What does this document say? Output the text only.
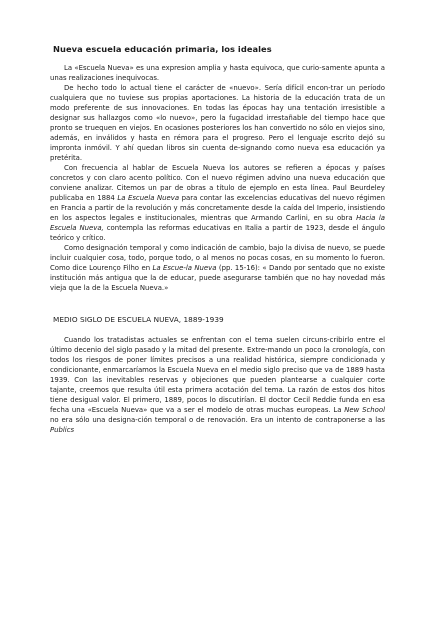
Nueva escuela educación primaria, los ideales

La «Escuela Nueva» es una expresion amplia y hasta equivoca, que curio-samente apunta a unas realizaciones inequivocas.

De hecho todo lo actual tiene el carácter de «nuevo». Sería difícil encon-trar un período cualquiera que no tuviese sus propias aportaciones. La historia de la educación trata de un modo preferente de sus innovaciones. En todas las épocas hay una tentación irresistible a designar sus hallazgos como «lo nuevo», pero la fugacidad irrestañable del tiempo hace que pronto se truequen en viejos. En ocasiones posteriores los han convertido no sólo en viejos sino, además, en inválidos y hasta en rémora para el progreso. Pero el lenguaje escrito dejó su impronta inmóvil. Y ahí quedan libros sin cuenta de-signando como nueva esa educación ya pretérita.

Con frecuencia al hablar de Escuela Nueva los autores se refieren a épocas y países concretos y con claro acento político. Con el nuevo régimen advino una nueva educación que conviene analizar. Citemos un par de obras a título de ejemplo en esta línea. Paul Beurdeley publicaba en 1884 La Escuela Nueva para contar las excelencias educativas del nuevo régimen en Francia a partir de la revolución y más concretamente desde la caída del Imperio, insistiendo en los aspectos legales e institucionales, mientras que Armando Carlini, en su obra Hacia la Escuela Nueva, contempla las reformas educativas en Italia a partir de 1923, desde el ángulo teórico y crítico.

Como designación temporal y como indicación de cambio, bajo la divisa de nuevo, se puede incluir cualquier cosa, todo, porque todo, o al menos no pocas cosas, en su momento lo fueron. Como dice Lourenço Filho en La Escue-la Nueva (pp. 15-16): « Dando por sentado que no existe institución más antigua que la de educar, puede asegurarse también que no hay novedad más vieja que la de la Escuela Nueva.»

MEDIO SIGLO DE ESCUELA NUEVA, 1889-1939

Cuando los tratadistas actuales se enfrentan con el tema suelen circuns-cribirlo entre el último decenio del siglo pasado y la mitad del presente. Extre-mando un poco la cronología, con todos los riesgos de poner límites precisos a una realidad histórica, siempre condicionada y condicionante, enmarcaríamos la Escuela Nueva en el medio siglo preciso que va de 1889 hasta 1939. Con las inevitables reservas y objeciones que pueden plantearse a cualquier corte tajante, creemos que resulta útil esta primera acotación del tema. La razón de estos dos hitos tiene desigual valor. El primero, 1889, pocos lo discutirían. El doctor Cecil Reddie funda en esa fecha una «Escuela Nueva» que va a ser el modelo de otras muchas europeas. La New School no era sólo una designa-ción temporal o de renovación. Era un intento de contraponerse a las Publics
